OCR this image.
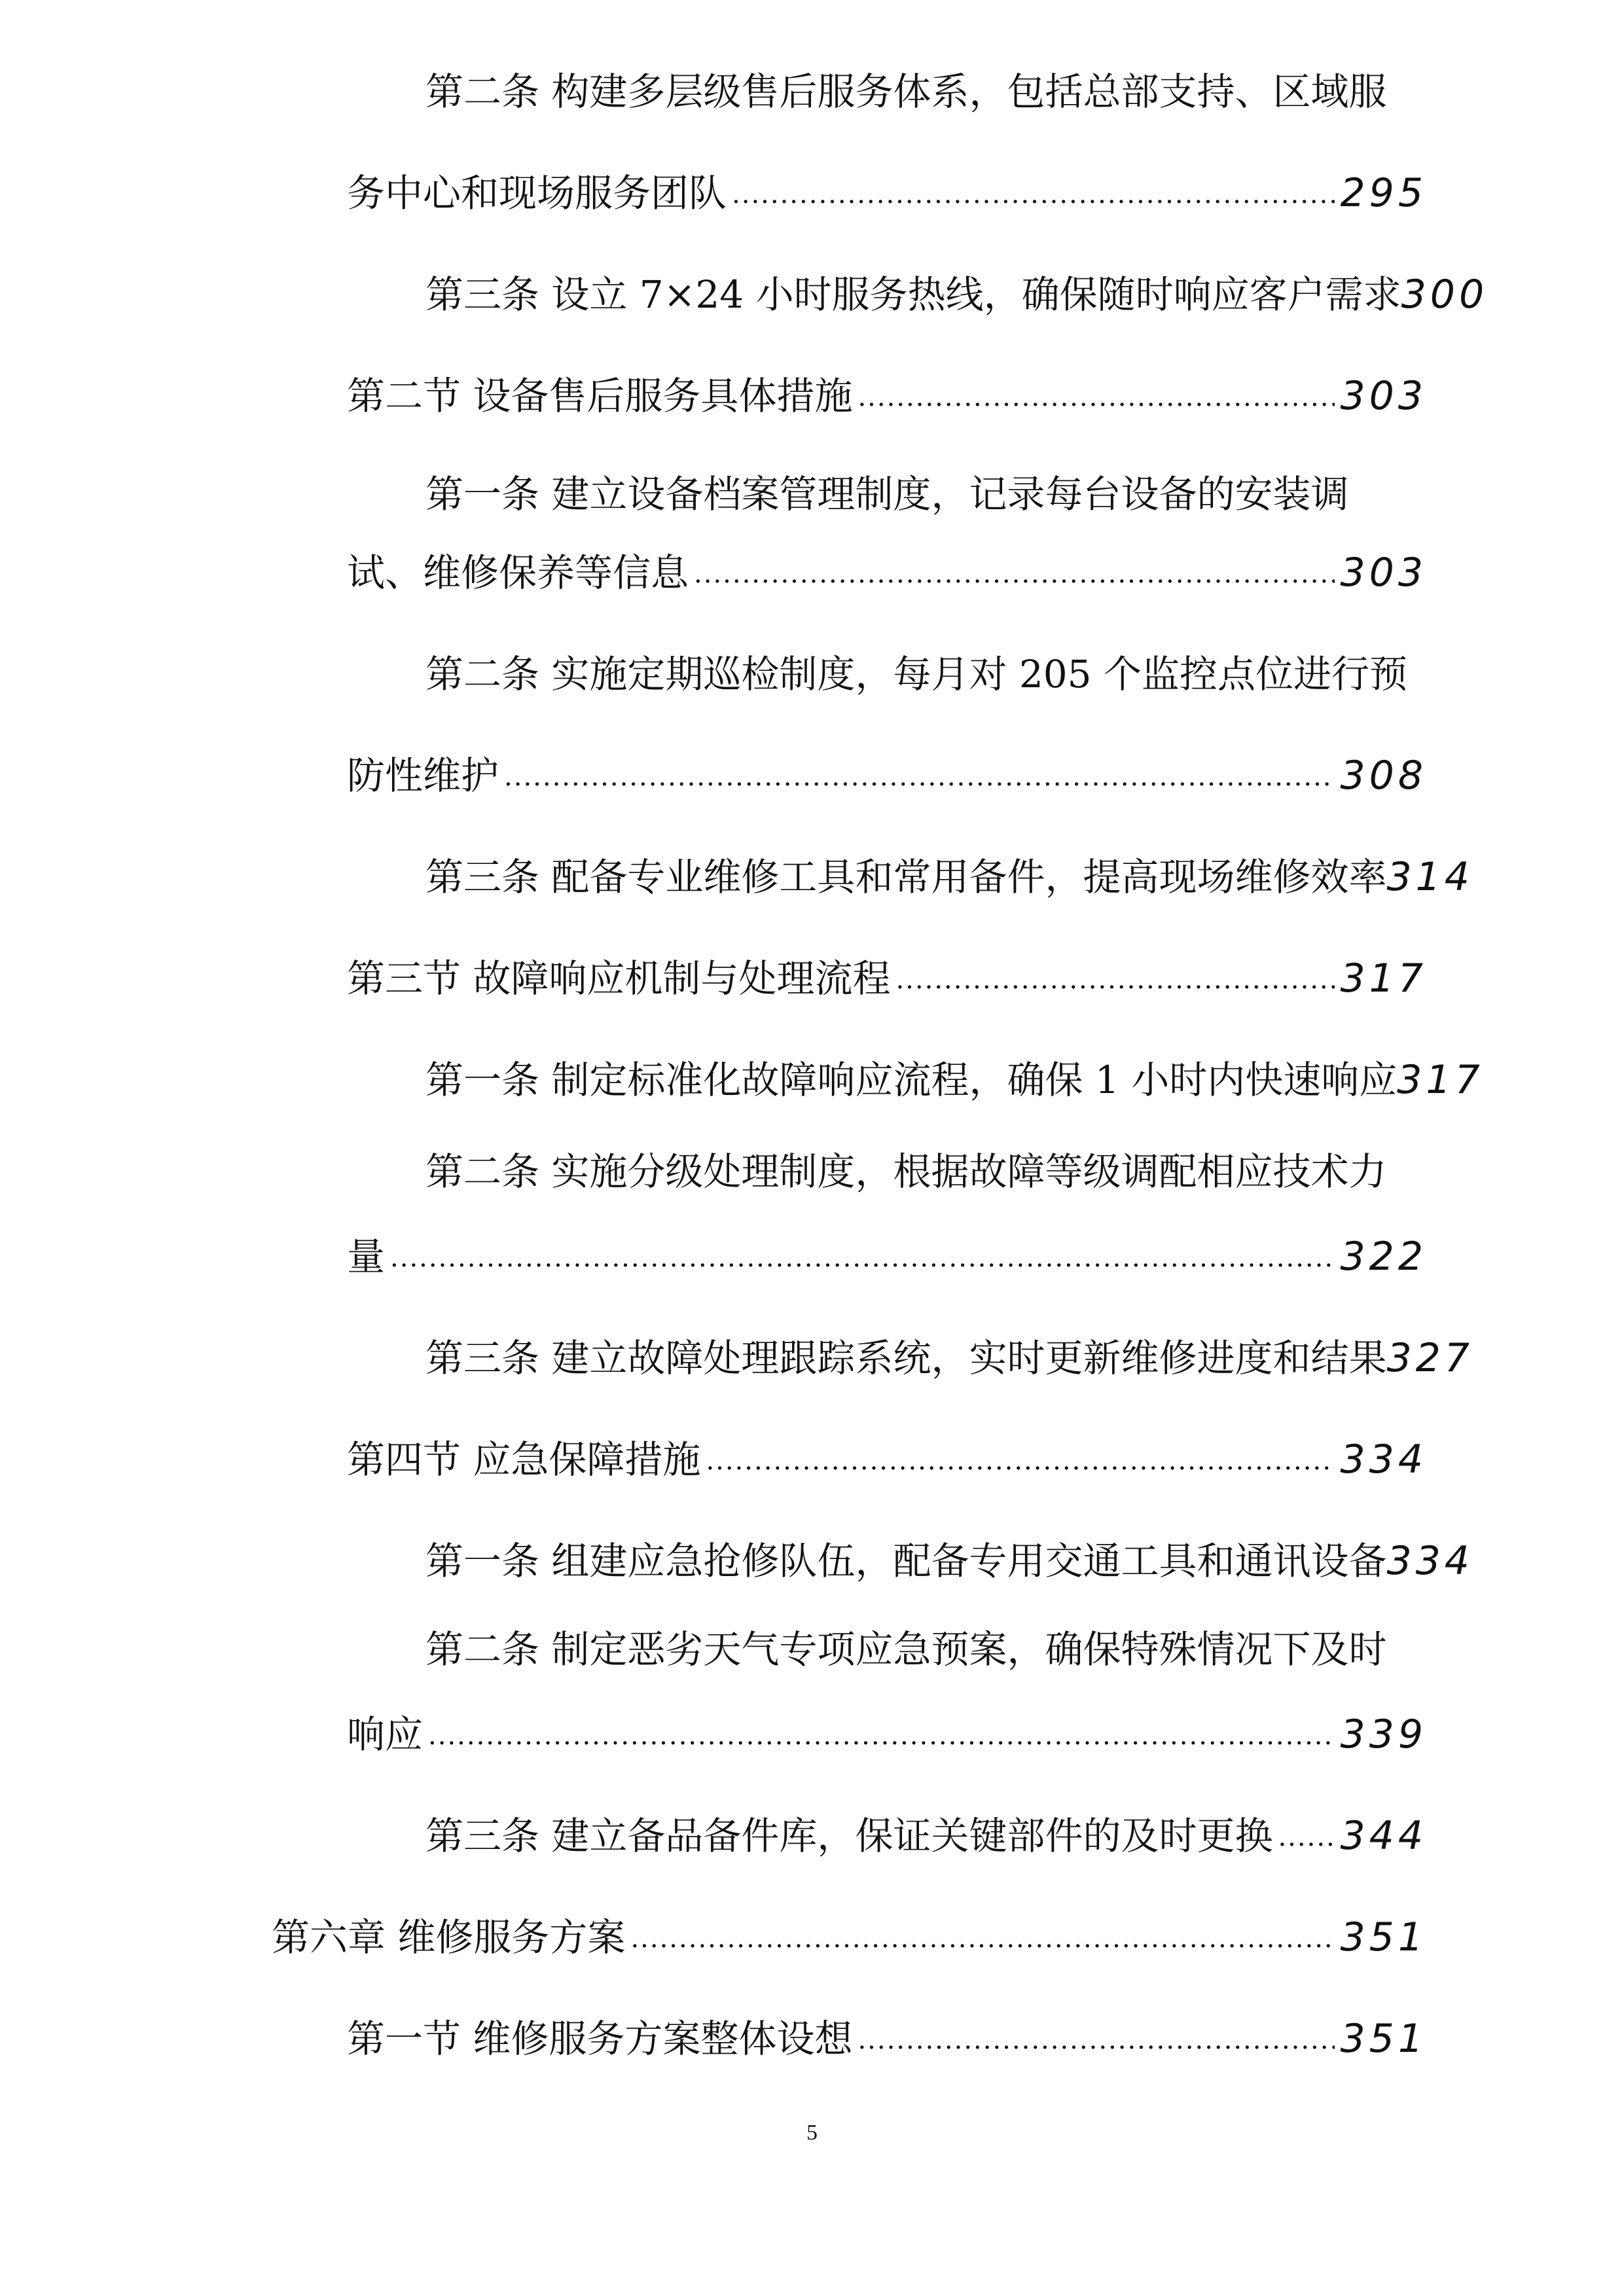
第二条 构建多层级售后服务体系，包括总部支持、区域服
务中心和现场服务团队 .....	295
第三条 设立 7×24 小时服务热线，确保随时响应客户需求 300
第二节 设备售后服务具体措施 .....	303
第一条 建立设备档案管理制度，记录每台设备的安装调
试、维修保养等信息 .....	303
第二条 实施定期巡检制度，每月对 205 个监控点位进行预
防性维护 .....	308
第三条 配备专业维修工具和常用备件，提高现场维修效率 314
第三节 故障响应机制与处理流程 .....	317
第一条 制定标准化故障响应流程，确保 1 小时内快速响应 317
第二条 实施分级处理制度，根据故障等级调配相应技术力
量 .....	322
第三条 建立故障处理跟踪系统，实时更新维修进度和结果 327
第四节 应急保障措施 .....	334
第一条 组建应急抢修队伍，配备专用交通工具和通讯设备 334
第二条 制定恶劣天气专项应急预案，确保特殊情况下及时
响应 .....	339
第三条 建立备品备件库，保证关键部件的及时更换 ..... 344
第六章 维修服务方案 .....	351
第一节 维修服务方案整体设想 .....	351
5
